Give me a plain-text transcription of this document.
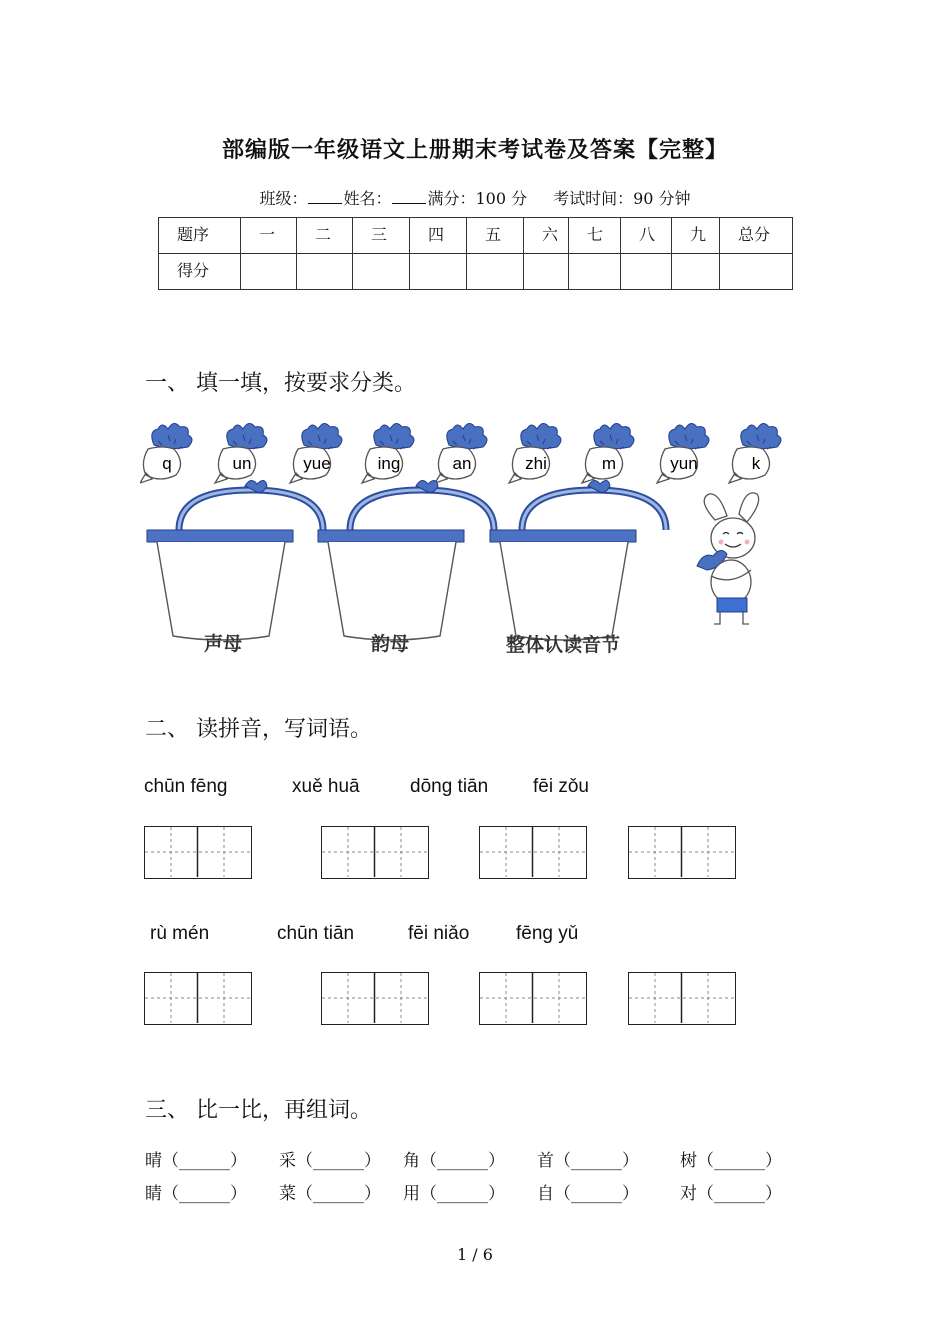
部编版一年级语文上册期末考试卷及答案【完整】
班级： 姓名： 满分：100 分 考试时间：90 分钟
题序	一	二	三	四	五	六	七	八	九	总分
得分										
一、 填一填，按要求分类。
q	un	yue	ing	an	zhi	m	yun	k
声母	韵母	整体认读音节
二、 读拼音，写词语。
chūn fēng	xuě huā	dōng tiān fēi zǒu
rù mén	chūn tiān	fēi niǎo fēng yǔ
三、 比一比，再组词。
晴（______） 采（______） 角（______） 首（______） 树（______）
睛（______） 菜（______） 用（______） 自（______） 对（______）
1 / 6
